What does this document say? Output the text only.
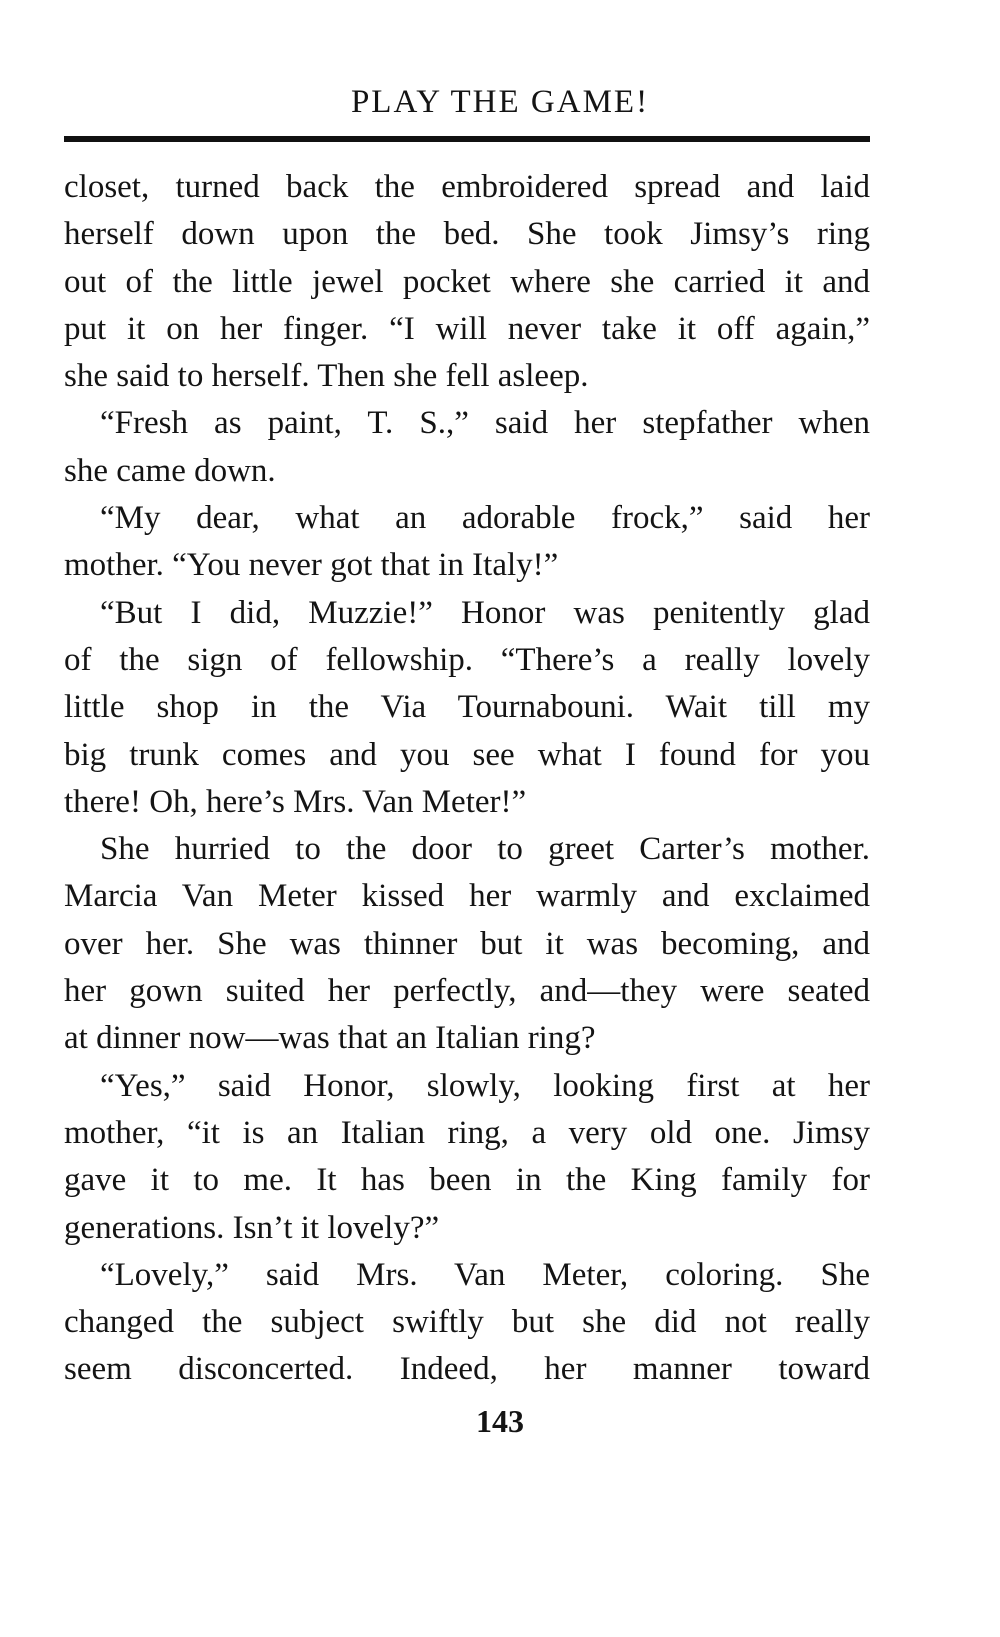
PLAY THE GAME!
closet, turned back the embroidered spread and laid
herself down upon the bed. She took Jimsy’s ring
out of the little jewel pocket where she carried it and
put it on her finger. “I will never take it off again,”
she said to herself. Then she fell asleep.
“Fresh as paint, T. S.,” said her stepfather when
she came down.
“My dear, what an adorable frock,” said her
mother. “You never got that in Italy!”
“But I did, Muzzie!” Honor was penitently glad
of the sign of fellowship. “There’s a really lovely
little shop in the Via Tournabouni. Wait till my
big trunk comes and you see what I found for you
there! Oh, here’s Mrs. Van Meter!”
She hurried to the door to greet Carter’s mother.
Marcia Van Meter kissed her warmly and exclaimed
over her. She was thinner but it was becoming, and
her gown suited her perfectly, and—they were seated
at dinner now—was that an Italian ring?
“Yes,” said Honor, slowly, looking first at her
mother, “it is an Italian ring, a very old one. Jimsy
gave it to me. It has been in the King family for
generations. Isn’t it lovely?”
“Lovely,” said Mrs. Van Meter, coloring. She
changed the subject swiftly but she did not really
seem disconcerted. Indeed, her manner toward
143
